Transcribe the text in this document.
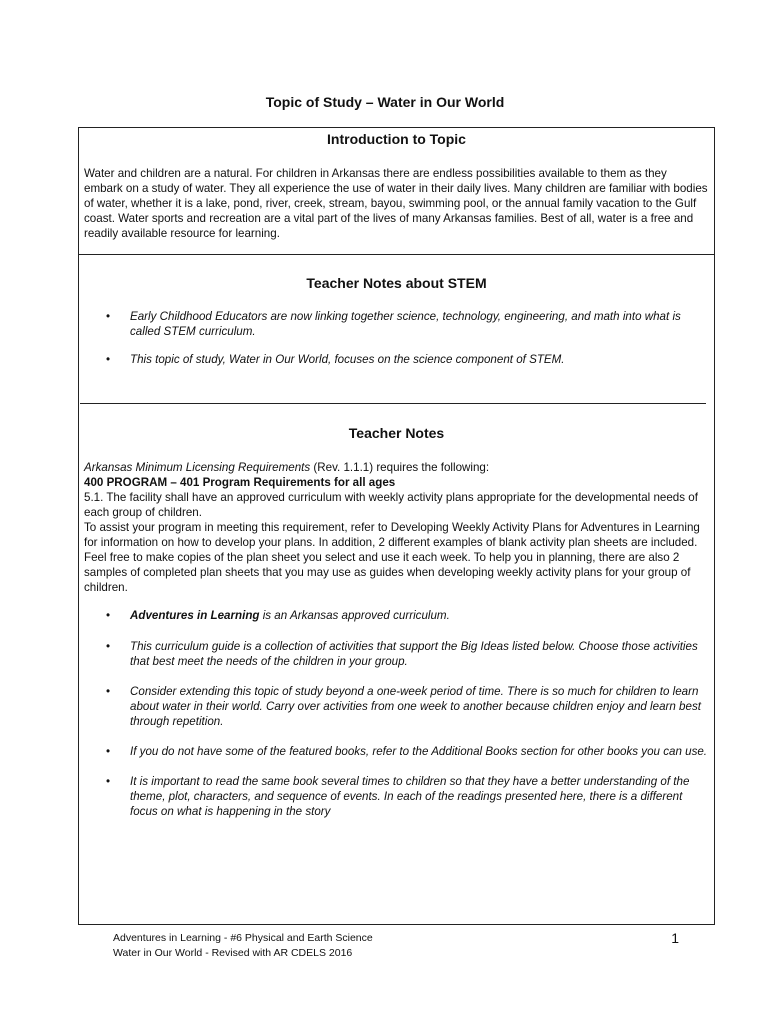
Topic of Study – Water in Our World
Introduction to Topic
Water and children are a natural. For children in Arkansas there are endless possibilities available to them as they embark on a study of water. They all experience the use of water in their daily lives. Many children are familiar with bodies of water, whether it is a lake, pond, river, creek, stream, bayou, swimming pool, or the annual family vacation to the Gulf coast. Water sports and recreation are a vital part of the lives of many Arkansas families. Best of all, water is a free and readily available resource for learning.
Teacher Notes about STEM
• Early Childhood Educators are now linking together science, technology, engineering, and math into what is called STEM curriculum.
• This topic of study, Water in Our World, focuses on the science component of STEM.
Teacher Notes

Arkansas Minimum Licensing Requirements (Rev. 1.1.1) requires the following:

400 PROGRAM – 401 Program Requirements for all ages

5.1. The facility shall have an approved curriculum with weekly activity plans appropriate for the developmental needs of each group of children.

To assist your program in meeting this requirement, refer to Developing Weekly Activity Plans for Adventures in Learning for information on how to develop your plans. In addition, 2 different examples of blank activity plan sheets are included. Feel free to make copies of the plan sheet you select and use it each week. To help you in planning, there are also 2 samples of completed plan sheets that you may use as guides when developing weekly activity plans for your group of children.

• Adventures in Learning is an Arkansas approved curriculum.
• This curriculum guide is a collection of activities that support the Big Ideas listed below. Choose those activities that best meet the needs of the children in your group.
• Consider extending this topic of study beyond a one-week period of time. There is so much for children to learn about water in their world. Carry over activities from one week to another because children enjoy and learn best through repetition.
• If you do not have some of the featured books, refer to the Additional Books section for other books you can use.
• It is important to read the same book several times to children so that they have a better understanding of the theme, plot, characters, and sequence of events. In each of the readings presented here, there is a different focus on what is happening in the story
Adventures in Learning - #6 Physical and Earth Science
Water in Our World - Revised with AR CDELS 2016
1
